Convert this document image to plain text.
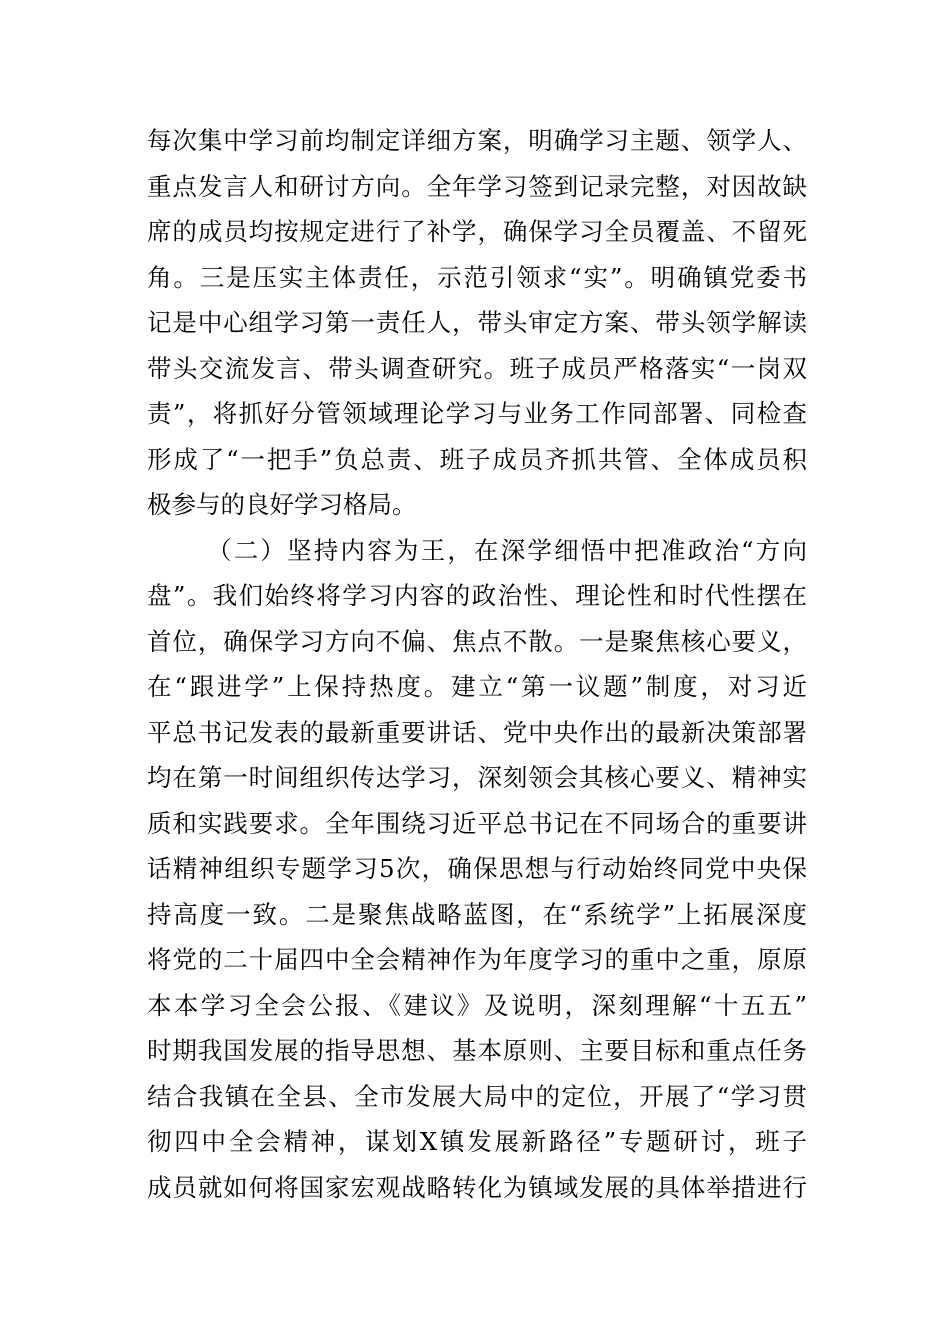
每次集中学习前均制定详细方案，明确学习主题、领学人、
重点发言人和研讨方向。全年学习签到记录完整，对因故缺
席的成员均按规定进行了补学，确保学习全员覆盖、不留死
角。三是压实主体责任，示范引领求“实”。明确镇党委书
记是中心组学习第一责任人，带头审定方案、带头领学解读
带头交流发言、带头调查研究。班子成员严格落实“一岗双
责”，将抓好分管领域理论学习与业务工作同部署、同检查
形成了“一把手”负总责、班子成员齐抓共管、全体成员积
极参与的良好学习格局。
（二）坚持内容为王，在深学细悟中把准政治“方向
盘”。我们始终将学习内容的政治性、理论性和时代性摆在
首位，确保学习方向不偏、焦点不散。一是聚焦核心要义，
在“跟进学”上保持热度。建立“第一议题”制度，对习近
平总书记发表的最新重要讲话、党中央作出的最新决策部署
均在第一时间组织传达学习，深刻领会其核心要义、精神实
质和实践要求。全年围绕习近平总书记在不同场合的重要讲
话精神组织专题学习5次，确保思想与行动始终同党中央保
持高度一致。二是聚焦战略蓝图，在“系统学”上拓展深度
将党的二十届四中全会精神作为年度学习的重中之重，原原
本本学习全会公报、《建议》及说明，深刻理解“十五五”
时期我国发展的指导思想、基本原则、主要目标和重点任务
结合我镇在全县、全市发展大局中的定位，开展了“学习贯
彻四中全会精神，谋划X镇发展新路径”专题研讨，班子
成员就如何将国家宏观战略转化为镇域发展的具体举措进行
